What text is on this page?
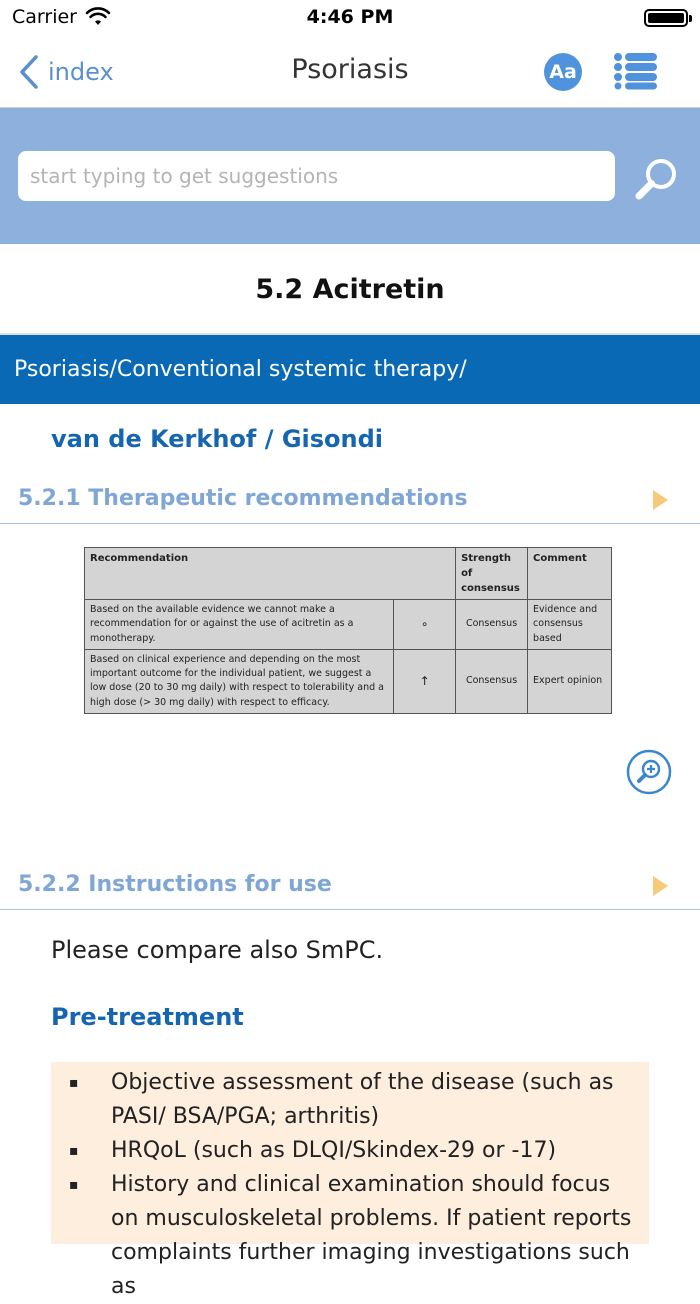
Carrier	4:46 PM
index	Psoriasis	Aa
start typing to get suggestions
5.2 Acitretin
Psoriasis/Conventional systemic therapy/
van de Kerkhof / Gisondi
5.2.1 Therapeutic recommendations
Recommendation		Strength of consensus	Comment
Based on the available evidence we cannot make a recommendation for or against the use of acitretin as a monotherapy.	∘	Consensus	Evidence and consensus based
Based on clinical experience and depending on the most important outcome for the individual patient, we suggest a low dose (20 to 30 mg daily) with respect to tolerability and a high dose (> 30 mg daily) with respect to efficacy.	↑	Consensus	Expert opinion
5.2.2 Instructions for use
Please compare also SmPC.
Pre-treatment
▪ Objective assessment of the disease (such as PASI/ BSA/PGA; arthritis)
▪ HRQoL (such as DLQI/Skindex-29 or -17)
▪ History and clinical examination should focus on musculoskeletal problems. If patient reports complaints further imaging investigations such as
